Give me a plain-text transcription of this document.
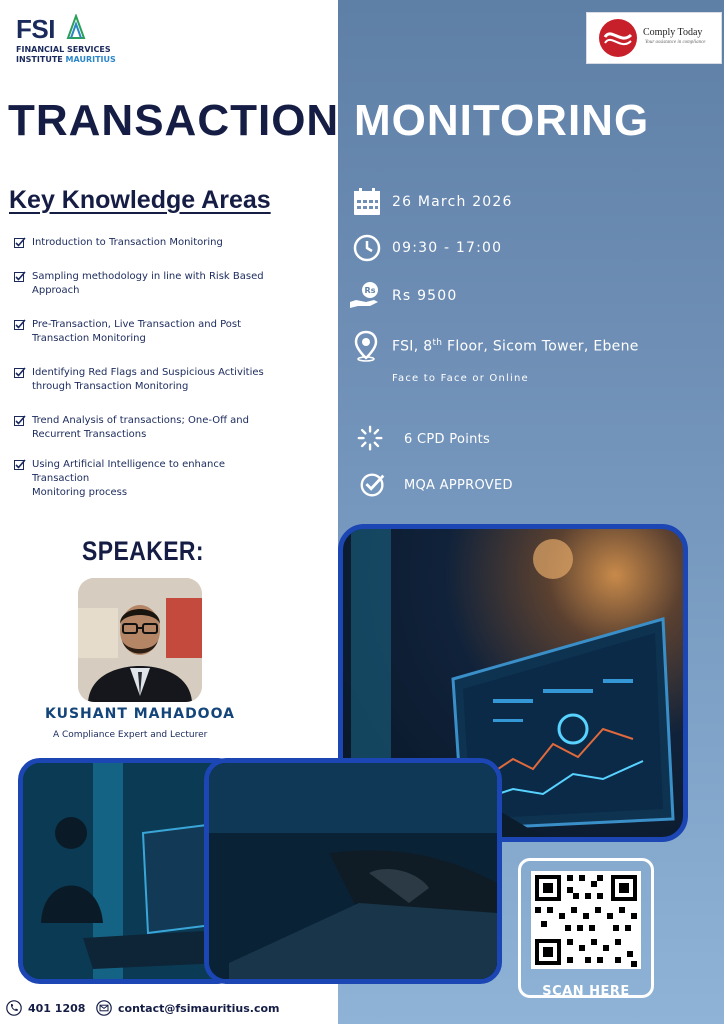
FSI
FINANCIAL SERVICES
INSTITUTE MAURITIUS
Comply Today
Your assistance in compliance
TRANSACTION MONITORING
Key Knowledge Areas
Introduction to Transaction Monitoring

Sampling methodology in line with Risk Based
Approach
Pre-Transaction, Live Transaction and Post
Transaction Monitoring
Identifying Red Flags and Suspicious Activities
through Transaction Monitoring
Trend Analysis of transactions; One-Off and
Recurrent Transactions
Using Artificial Intelligence to enhance Transaction
Monitoring process
26 March 2026
09:30 - 17:00
Rs Rs 9500
FSI, 8th Floor, Sicom Tower, Ebene
Face to Face or Online
6 CPD Points
MQA APPROVED
SPEAKER:
KUSHANT MAHADOOA
A Compliance Expert and Lecturer
SCAN HERE
401 1208	contact@fsimauritius.com
